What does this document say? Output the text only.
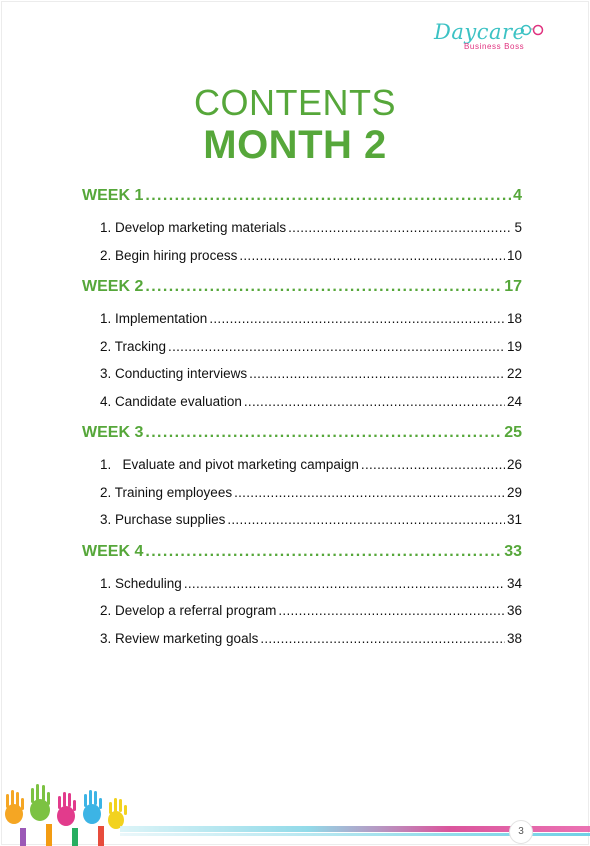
Daycare
Business Boss
CONTENTS
MONTH 2
WEEK 1 .....	4
1. Develop marketing materials .....	5
2. Begin hiring process .....	10
WEEK 2 .....	17
1. Implementation .....	18
2. Tracking .....	19
3. Conducting interviews .....	22
4. Candidate evaluation .....	24
WEEK 3 .....	25
1.   Evaluate and pivot marketing campaign .....	26
2. Training employees .....	29
3. Purchase supplies .....	31
WEEK 4 .....	33
1. Scheduling .....	34
2. Develop a referral program .....	36
3. Review marketing goals .....	38
3
